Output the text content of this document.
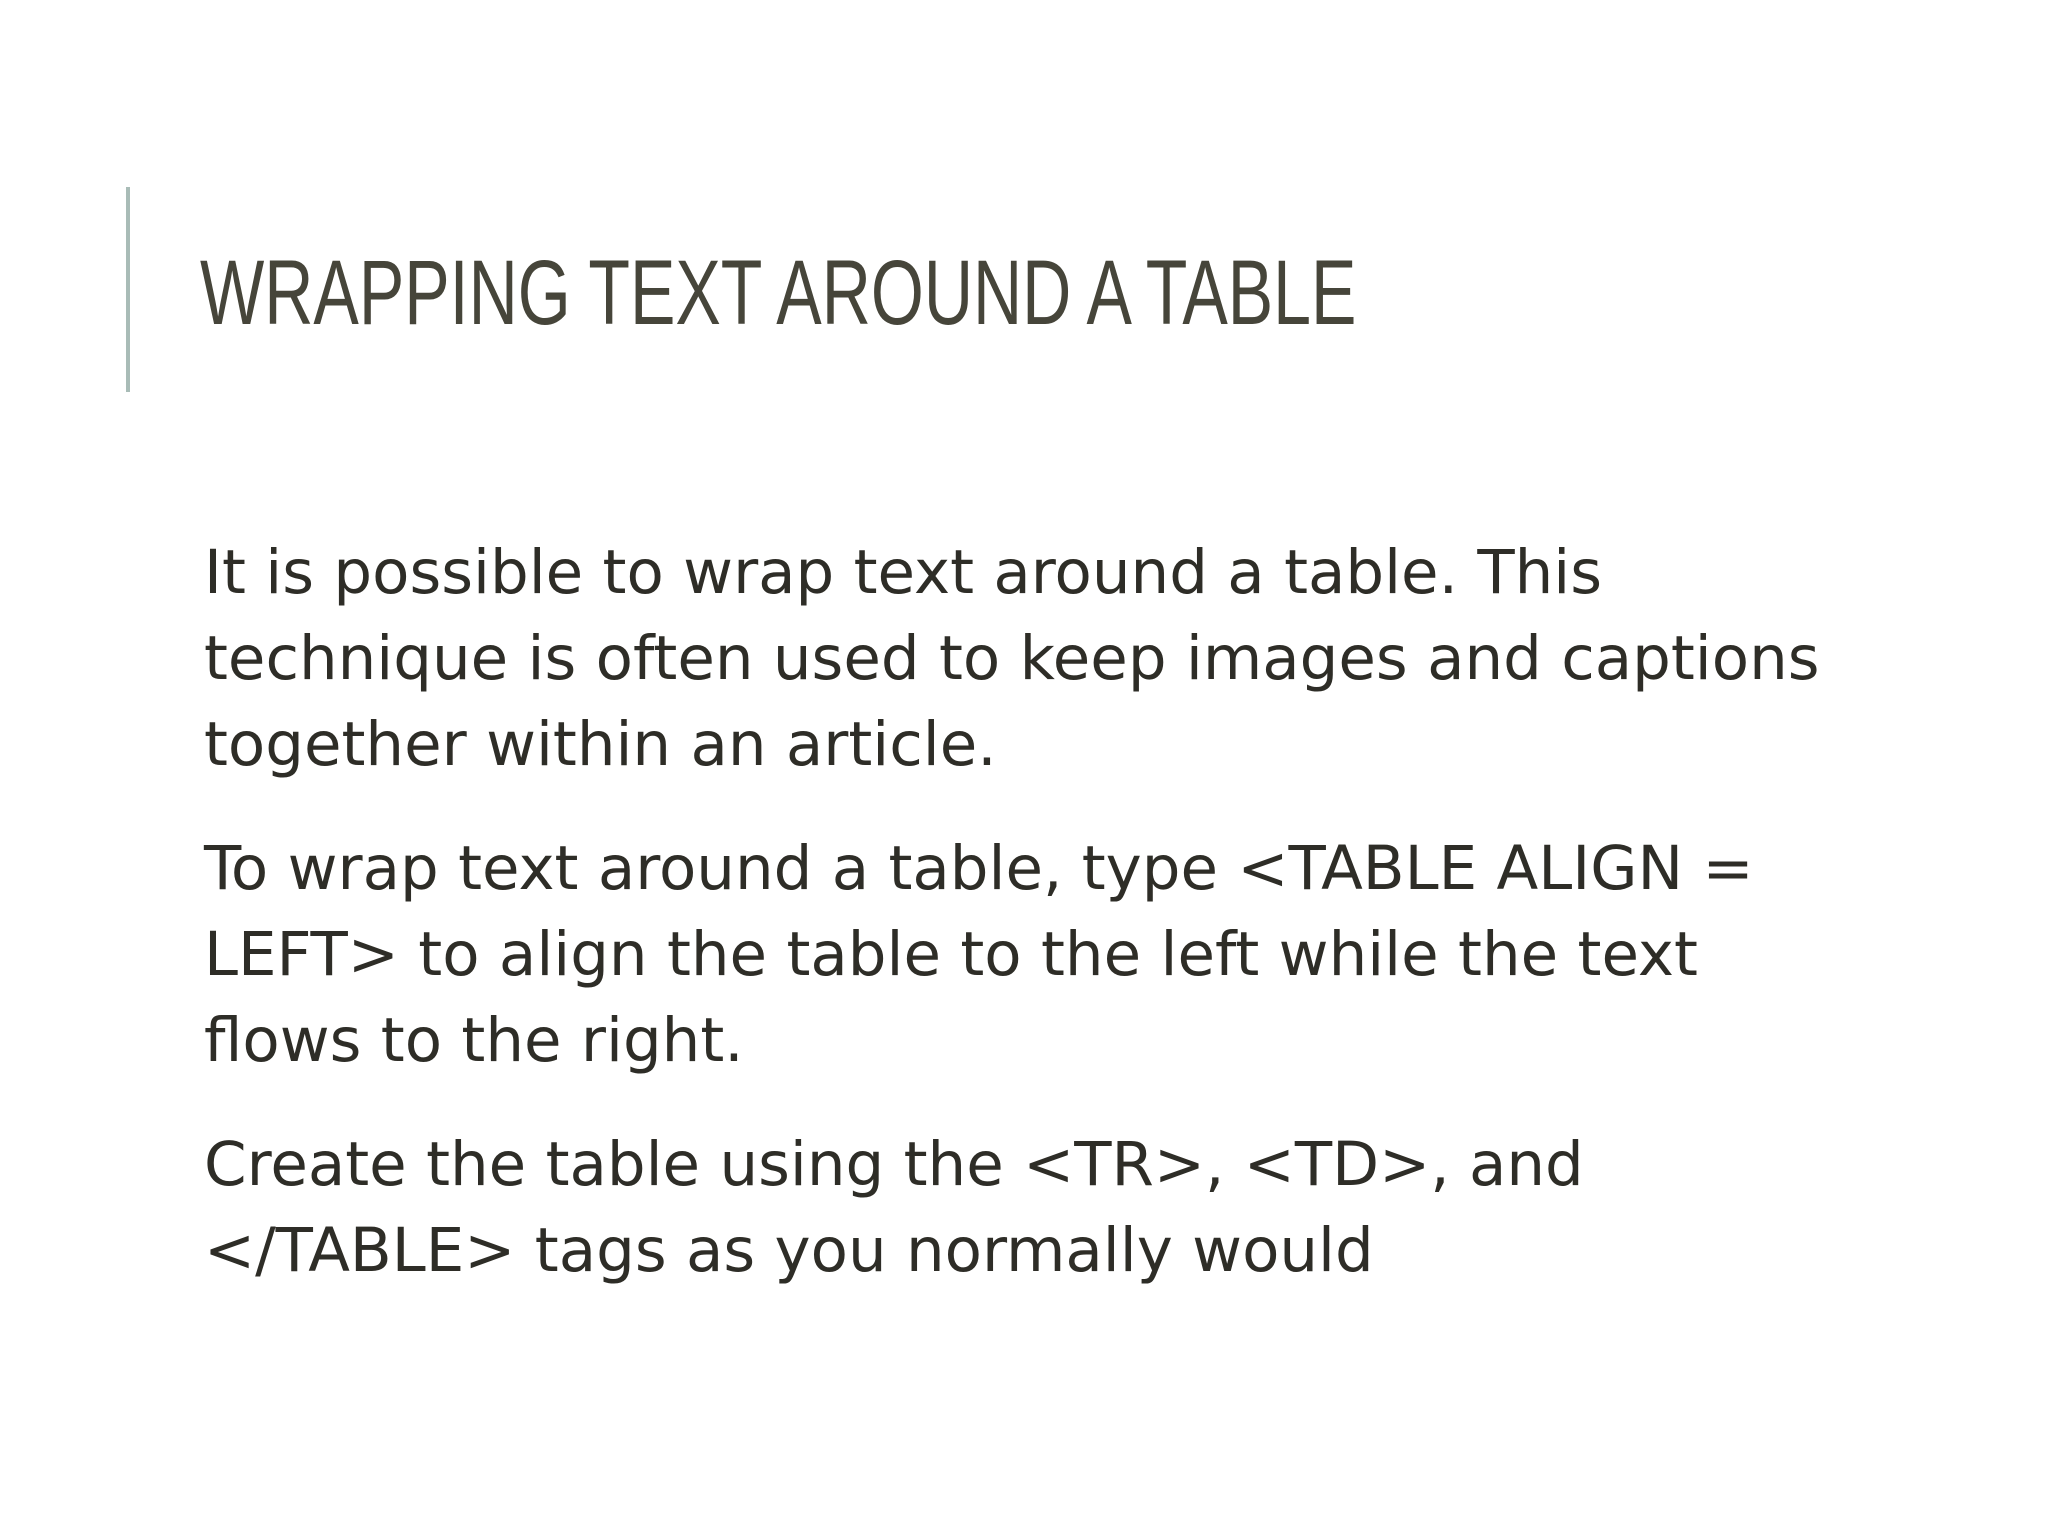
WRAPPING TEXT AROUND A TABLE

It is possible to wrap text around a table. This technique is often used to keep images and captions together within an article.

To wrap text around a table, type <TABLE ALIGN = LEFT> to align the table to the left while the text flows to the right.

Create the table using the <TR>, <TD>, and </TABLE> tags as you normally would
